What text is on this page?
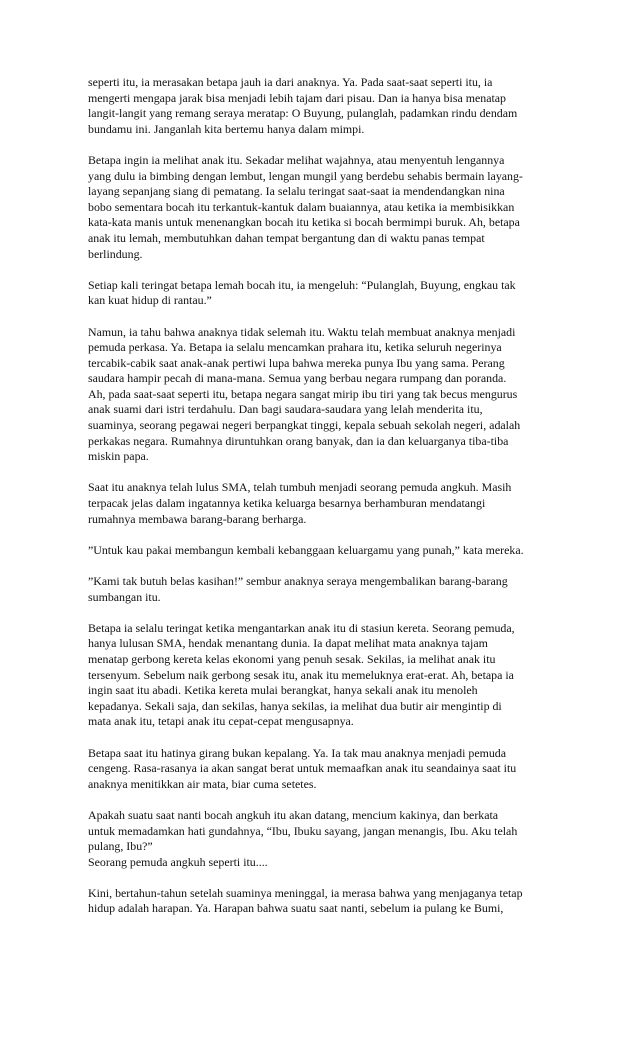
seperti itu, ia merasakan betapa jauh ia dari anaknya. Ya. Pada saat-saat seperti itu, ia
mengerti mengapa jarak bisa menjadi lebih tajam dari pisau. Dan ia hanya bisa menatap
langit-langit yang remang seraya meratap: O Buyung, pulanglah, padamkan rindu dendam
bundamu ini. Janganlah kita bertemu hanya dalam mimpi.

Betapa ingin ia melihat anak itu. Sekadar melihat wajahnya, atau menyentuh lengannya
yang dulu ia bimbing dengan lembut, lengan mungil yang berdebu sehabis bermain layang-
layang sepanjang siang di pematang. Ia selalu teringat saat-saat ia mendendangkan nina
bobo sementara bocah itu terkantuk-kantuk dalam buaiannya, atau ketika ia membisikkan
kata-kata manis untuk menenangkan bocah itu ketika si bocah bermimpi buruk. Ah, betapa
anak itu lemah, membutuhkan dahan tempat bergantung dan di waktu panas tempat
berlindung.

Setiap kali teringat betapa lemah bocah itu, ia mengeluh: “Pulanglah, Buyung, engkau tak
kan kuat hidup di rantau.”

Namun, ia tahu bahwa anaknya tidak selemah itu. Waktu telah membuat anaknya menjadi
pemuda perkasa. Ya. Betapa ia selalu mencamkan prahara itu, ketika seluruh negerinya
tercabik-cabik saat anak-anak pertiwi lupa bahwa mereka punya Ibu yang sama. Perang
saudara hampir pecah di mana-mana. Semua yang berbau negara rumpang dan poranda.
Ah, pada saat-saat seperti itu, betapa negara sangat mirip ibu tiri yang tak becus mengurus
anak suami dari istri terdahulu. Dan bagi saudara-saudara yang lelah menderita itu,
suaminya, seorang pegawai negeri berpangkat tinggi, kepala sebuah sekolah negeri, adalah
perkakas negara. Rumahnya diruntuhkan orang banyak, dan ia dan keluarganya tiba-tiba
miskin papa.

Saat itu anaknya telah lulus SMA, telah tumbuh menjadi seorang pemuda angkuh. Masih
terpacak jelas dalam ingatannya ketika keluarga besarnya berhamburan mendatangi
rumahnya membawa barang-barang berharga.

”Untuk kau pakai membangun kembali kebanggaan keluargamu yang punah,” kata mereka.

”Kami tak butuh belas kasihan!” sembur anaknya seraya mengembalikan barang-barang
sumbangan itu.

Betapa ia selalu teringat ketika mengantarkan anak itu di stasiun kereta. Seorang pemuda,
hanya lulusan SMA, hendak menantang dunia. Ia dapat melihat mata anaknya tajam
menatap gerbong kereta kelas ekonomi yang penuh sesak. Sekilas, ia melihat anak itu
tersenyum. Sebelum naik gerbong sesak itu, anak itu memeluknya erat-erat. Ah, betapa ia
ingin saat itu abadi. Ketika kereta mulai berangkat, hanya sekali anak itu menoleh
kepadanya. Sekali saja, dan sekilas, hanya sekilas, ia melihat dua butir air mengintip di
mata anak itu, tetapi anak itu cepat-cepat mengusapnya.

Betapa saat itu hatinya girang bukan kepalang. Ya. Ia tak mau anaknya menjadi pemuda
cengeng. Rasa-rasanya ia akan sangat berat untuk memaafkan anak itu seandainya saat itu
anaknya menitikkan air mata, biar cuma setetes.

Apakah suatu saat nanti bocah angkuh itu akan datang, mencium kakinya, dan berkata
untuk memadamkan hati gundahnya, “Ibu, Ibuku sayang, jangan menangis, Ibu. Aku telah
pulang, Ibu?”
Seorang pemuda angkuh seperti itu....

Kini, bertahun-tahun setelah suaminya meninggal, ia merasa bahwa yang menjaganya tetap
hidup adalah harapan. Ya. Harapan bahwa suatu saat nanti, sebelum ia pulang ke Bumi,
